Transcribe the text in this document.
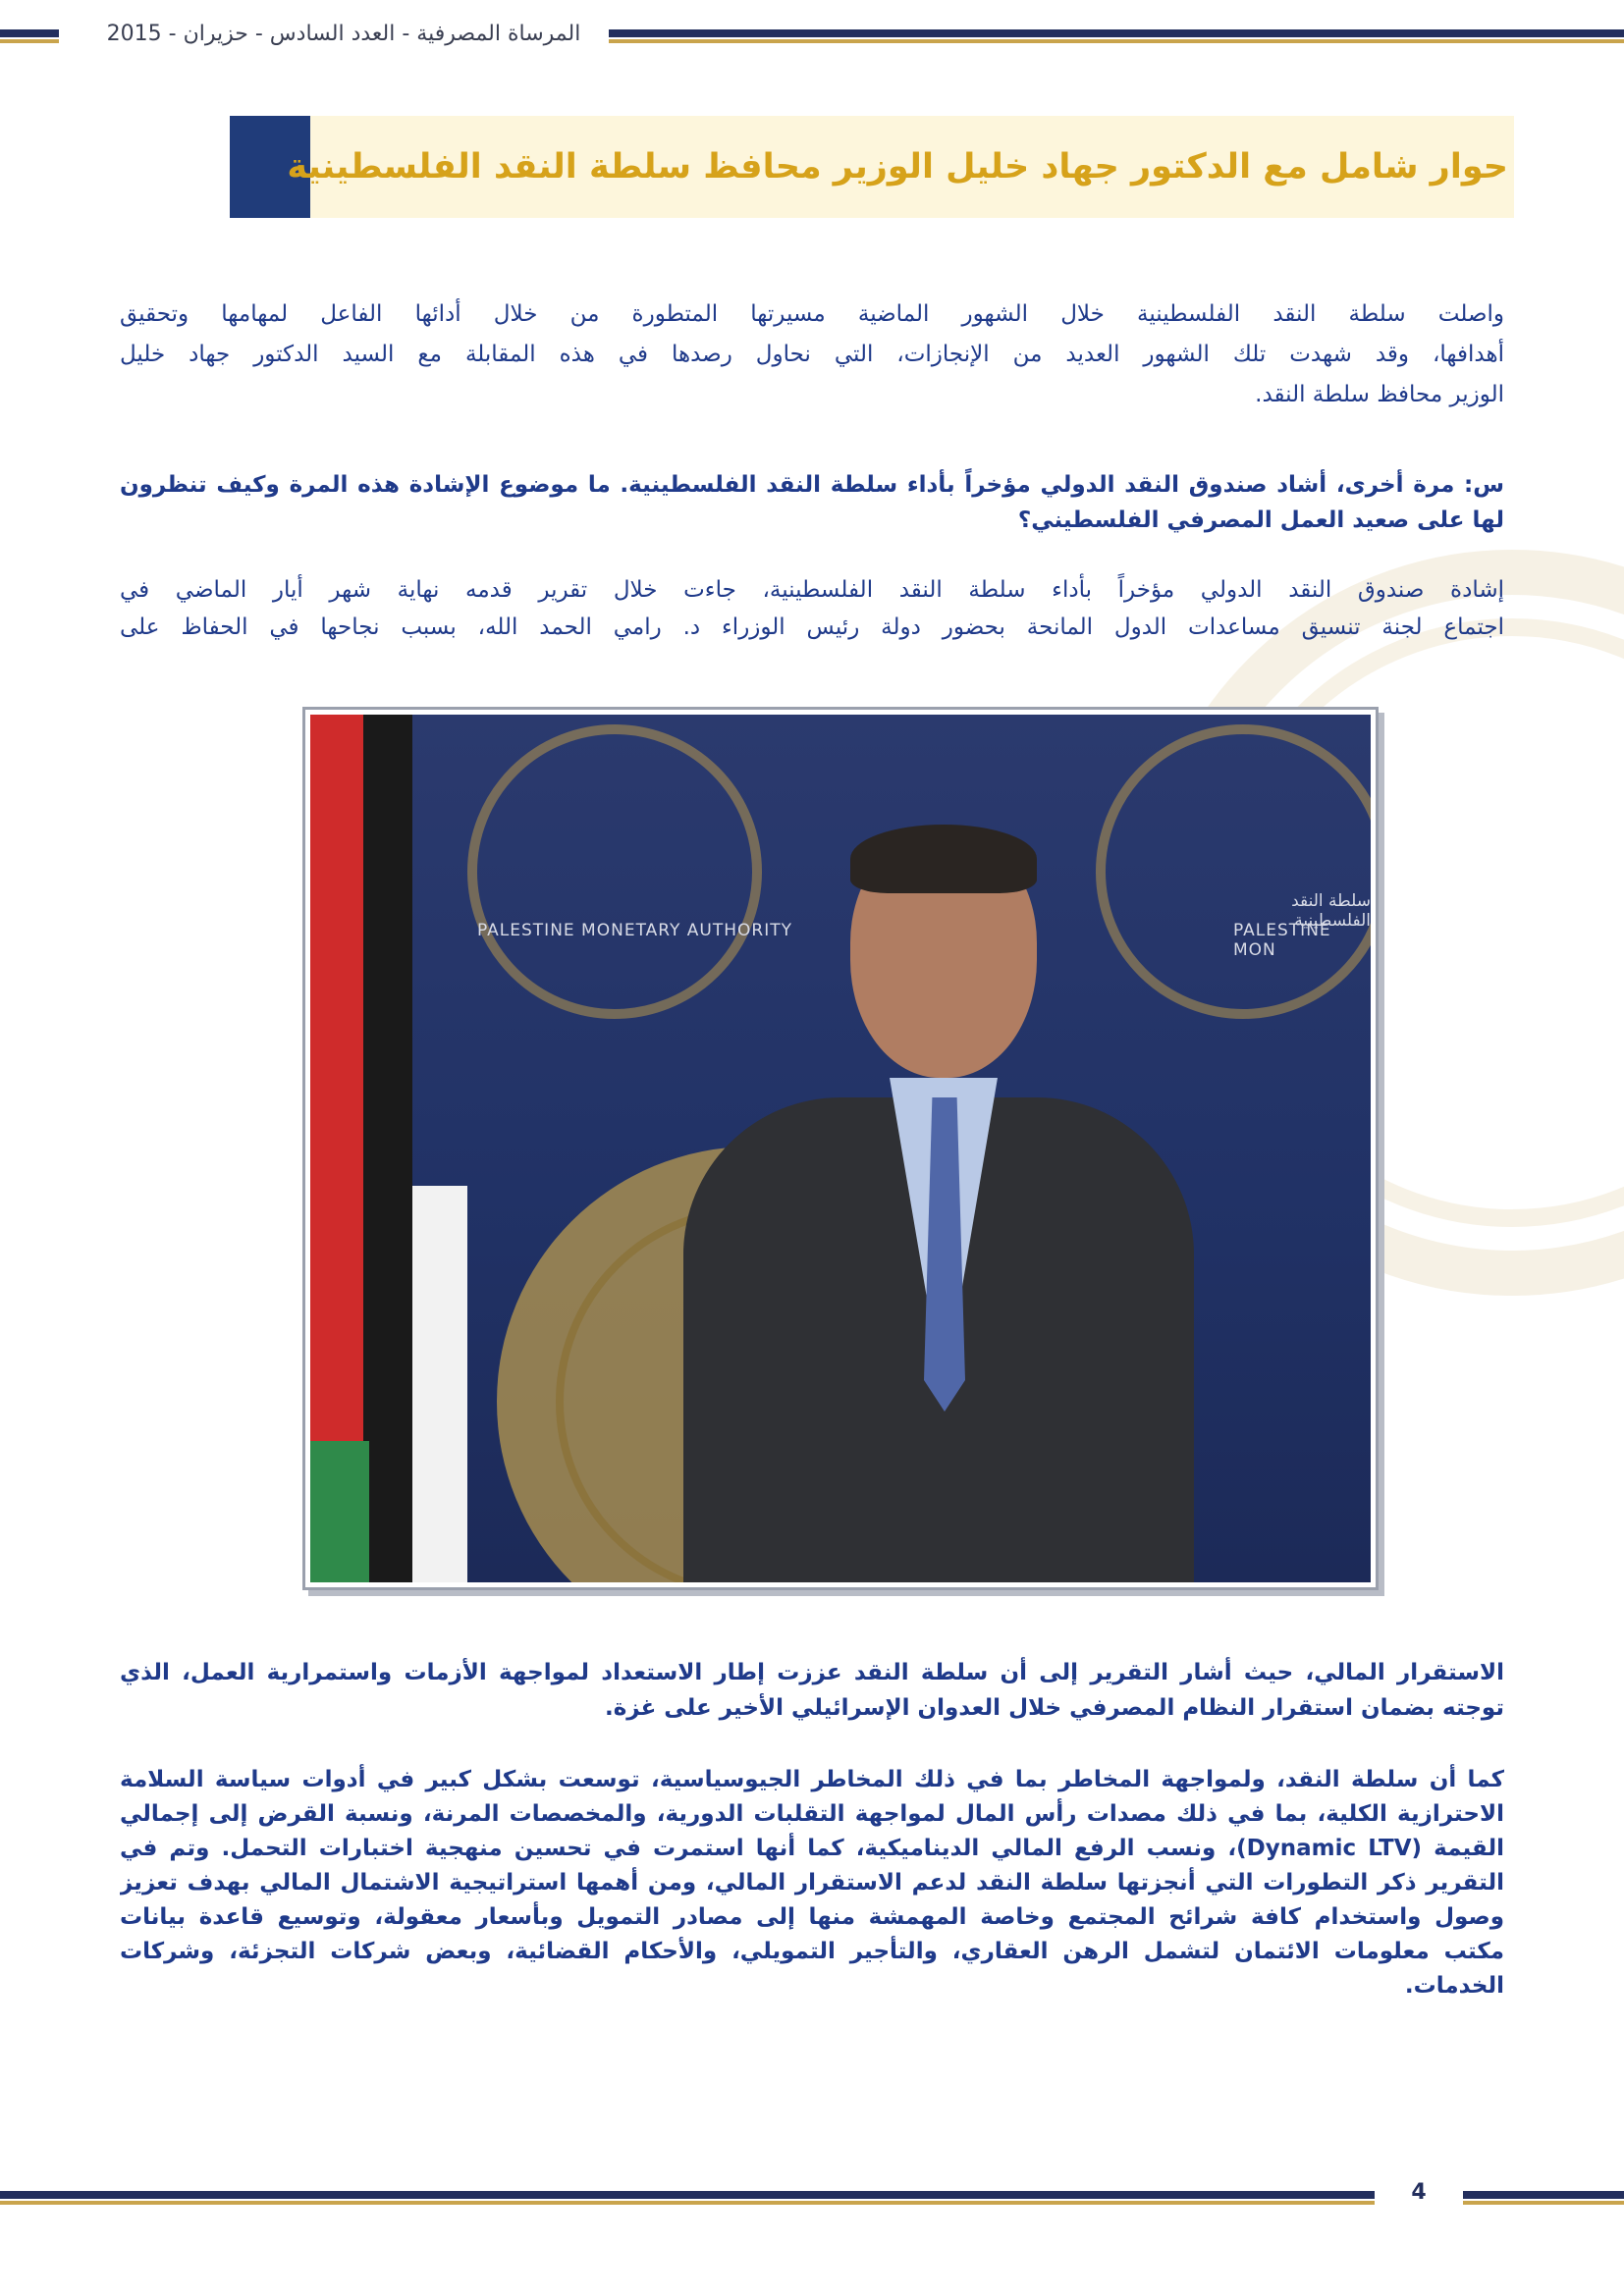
المرساة المصرفية - العدد السادس - حزيران - 2015
حوار شامل مع الدكتور جهاد خليل الوزير محافظ سلطة النقد الفلسطينية
واصلت سلطة النقد الفلسطينية خلال الشهور الماضية مسيرتها المتطورة من خلال أدائها الفاعل لمهامها وتحقيق
أهدافها، وقد شهدت تلك الشهور العديد من الإنجازات، التي نحاول رصدها في هذه المقابلة مع السيد الدكتور جهاد خليل
الوزير محافظ سلطة النقد.
س: مرة أخرى، أشاد صندوق النقد الدولي مؤخراً بأداء سلطة النقد الفلسطينية. ما موضوع الإشادة هذه المرة وكيف تنظرون
لها على صعيد العمل المصرفي الفلسطيني؟
إشادة صندوق النقد الدولي مؤخراً بأداء سلطة النقد الفلسطينية، جاءت خلال تقرير قدمه نهاية شهر أيار الماضي في
اجتماع لجنة تنسيق مساعدات الدول المانحة بحضور دولة رئيس الوزراء د. رامي الحمد الله، بسبب نجاحها في الحفاظ على
PALESTINE MONETARY AUTHORITY	PALESTINE MON
سلطة النقد الفلسطينية
الاستقرار المالي، حيث أشار التقرير إلى أن سلطة النقد عززت إطار الاستعداد لمواجهة الأزمات واستمرارية العمل، الذي
توجته بضمان استقرار النظام المصرفي خلال العدوان الإسرائيلي الأخير على غزة.
كما أن سلطة النقد، ولمواجهة المخاطر بما في ذلك المخاطر الجيوسياسية، توسعت بشكل كبير في أدوات سياسة السلامة
الاحترازية الكلية، بما في ذلك مصدات رأس المال لمواجهة التقلبات الدورية، والمخصصات المرنة، ونسبة القرض إلى إجمالي
القيمة (Dynamic LTV)، ونسب الرفع المالي الديناميكية، كما أنها استمرت في تحسين منهجية اختبارات التحمل. وتم في
التقرير ذكر التطورات التي أنجزتها سلطة النقد لدعم الاستقرار المالي، ومن أهمها استراتيجية الاشتمال المالي بهدف تعزيز
وصول واستخدام كافة شرائح المجتمع وخاصة المهمشة منها إلى مصادر التمويل وبأسعار معقولة، وتوسيع قاعدة بيانات
مكتب معلومات الائتمان لتشمل الرهن العقاري، والتأجير التمويلي، والأحكام القضائية، وبعض شركات التجزئة، وشركات
الخدمات.
4
